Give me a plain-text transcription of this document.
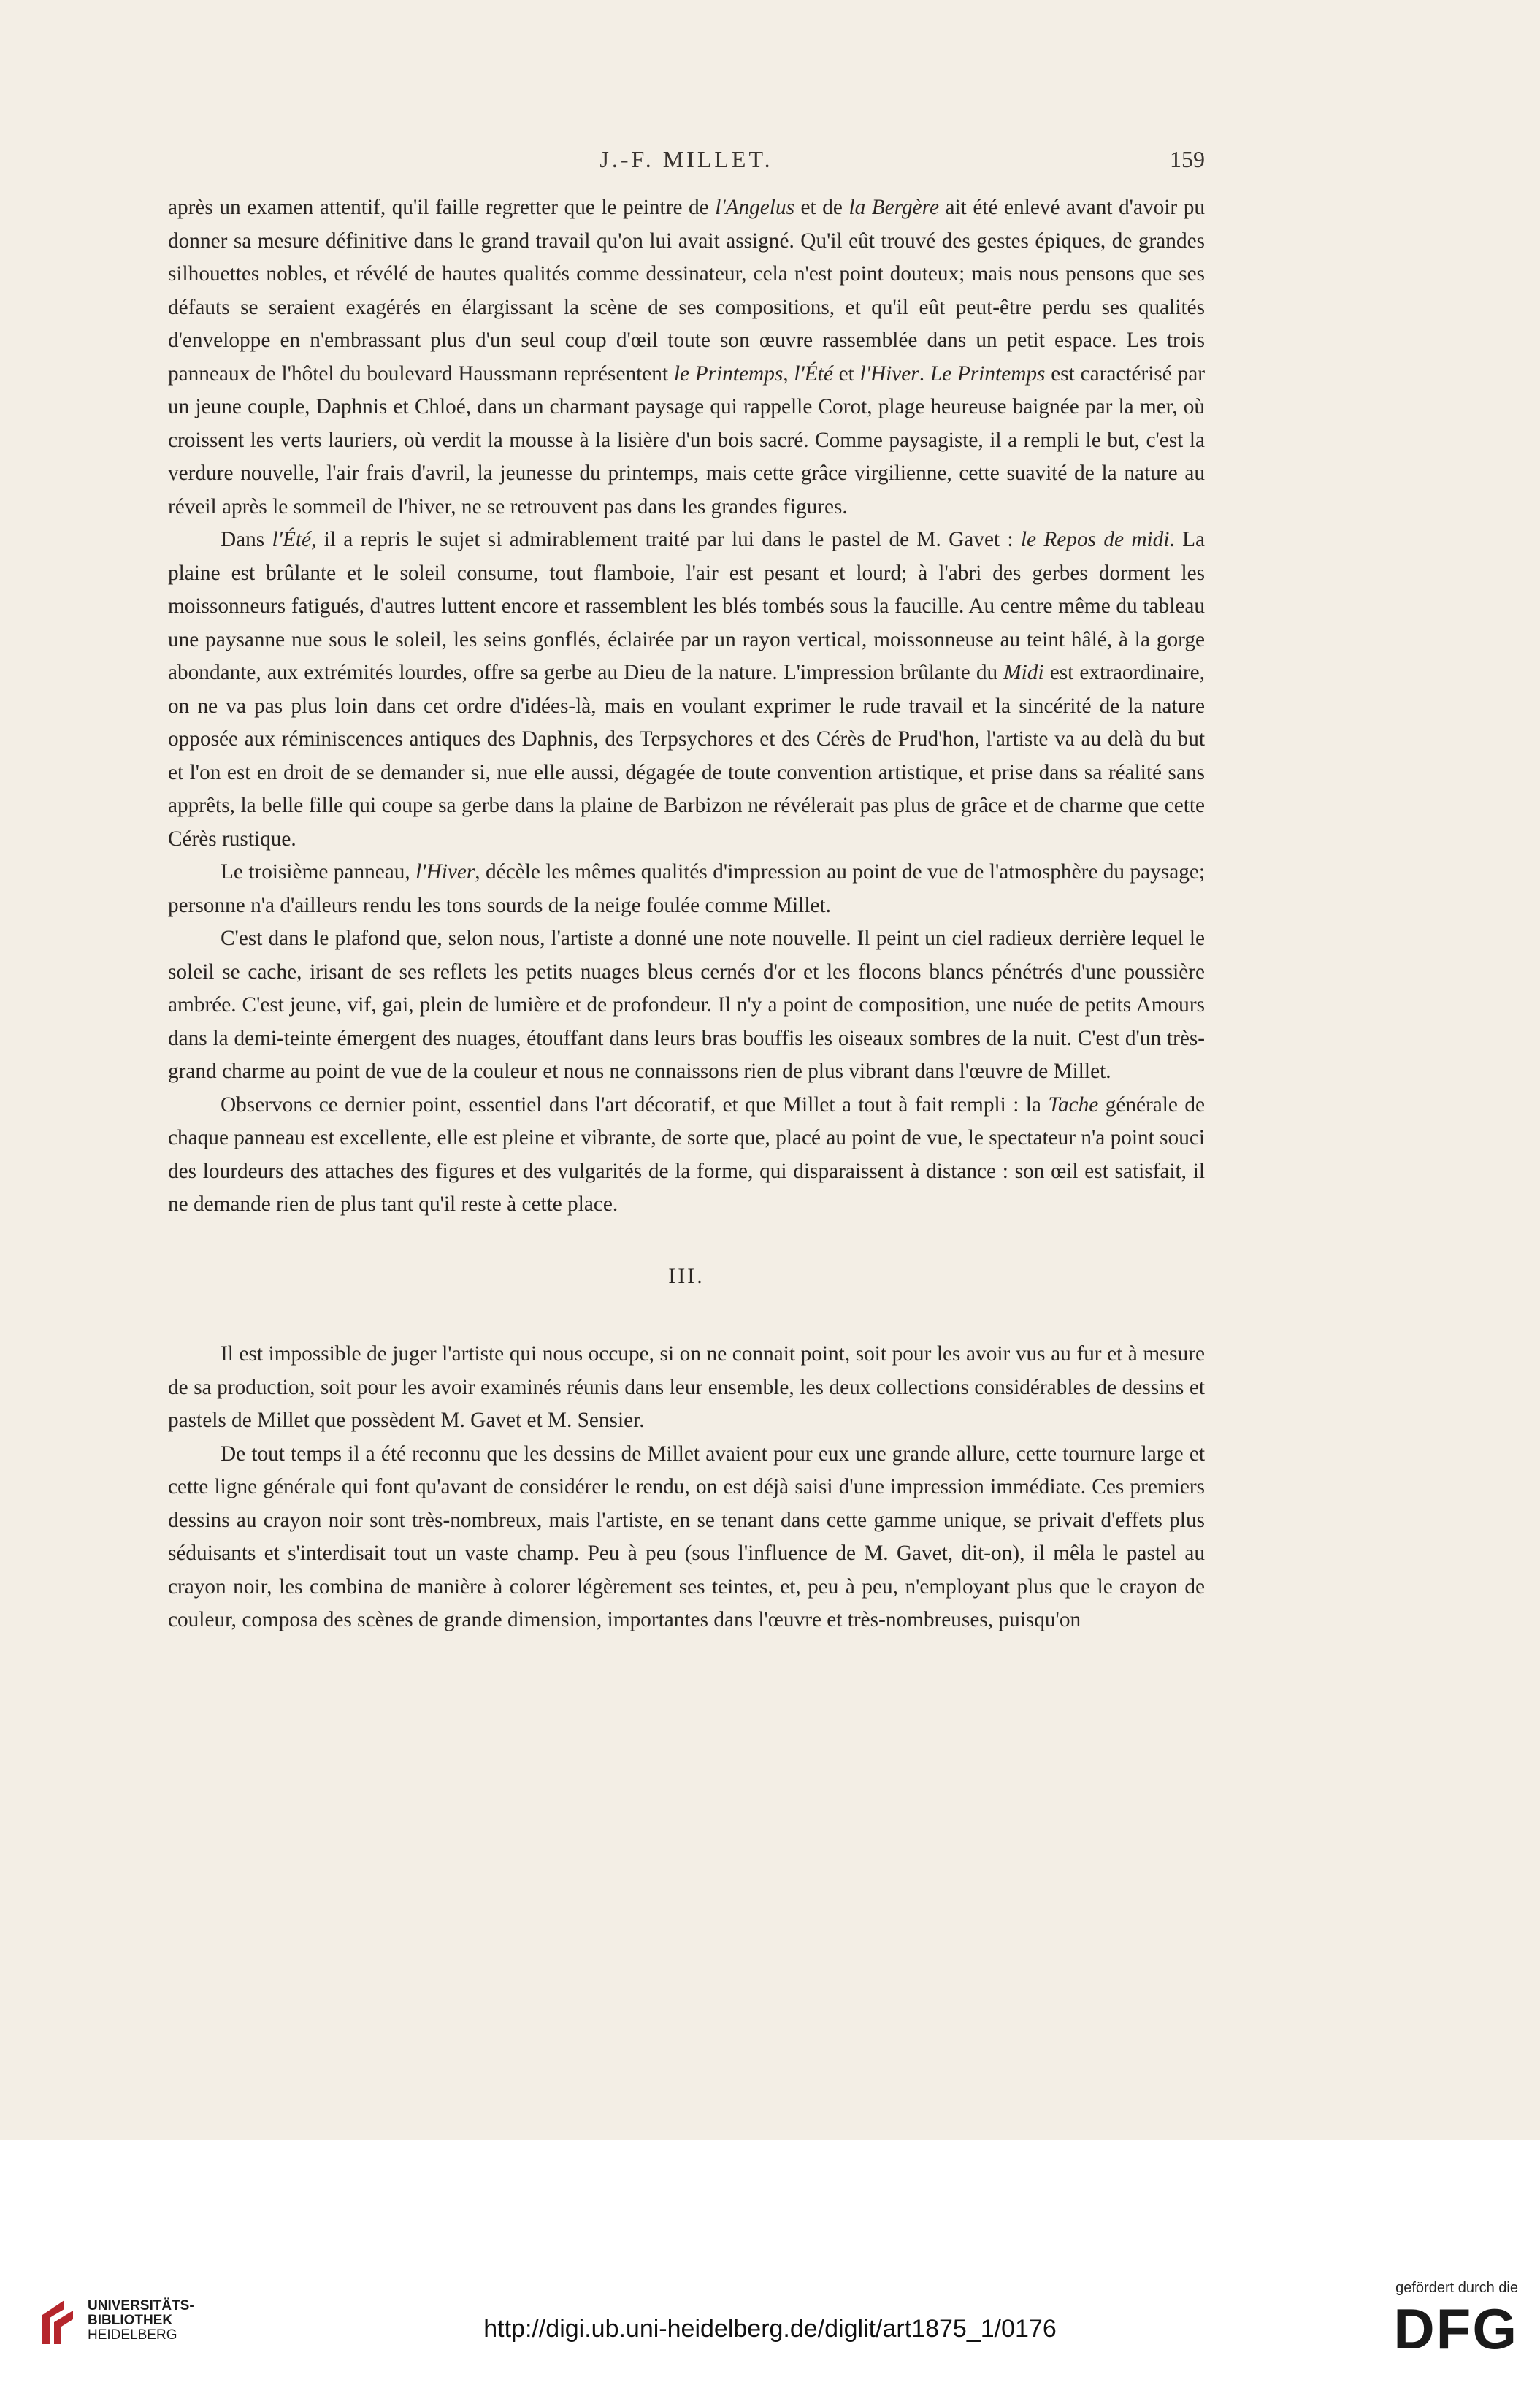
J.-F. MILLET.	159

après un examen attentif, qu'il faille regretter que le peintre de l'Angelus et de la Bergère ait été enlevé avant d'avoir pu donner sa mesure définitive dans le grand travail qu'on lui avait assigné. Qu'il eût trouvé des gestes épiques, de grandes silhouettes nobles, et révélé de hautes qualités comme dessinateur, cela n'est point douteux; mais nous pensons que ses défauts se seraient exagérés en élargissant la scène de ses compositions, et qu'il eût peut-être perdu ses qualités d'enveloppe en n'embrassant plus d'un seul coup d'œil toute son œuvre rassemblée dans un petit espace. Les trois panneaux de l'hôtel du boulevard Haussmann représentent le Printemps, l'Été et l'Hiver. Le Printemps est caractérisé par un jeune couple, Daphnis et Chloé, dans un charmant paysage qui rappelle Corot, plage heureuse baignée par la mer, où croissent les verts lauriers, où verdit la mousse à la lisière d'un bois sacré. Comme paysagiste, il a rempli le but, c'est la verdure nouvelle, l'air frais d'avril, la jeunesse du printemps, mais cette grâce virgilienne, cette suavité de la nature au réveil après le sommeil de l'hiver, ne se retrouvent pas dans les grandes figures.

Dans l'Été, il a repris le sujet si admirablement traité par lui dans le pastel de M. Gavet : le Repos de midi. La plaine est brûlante et le soleil consume, tout flamboie, l'air est pesant et lourd; à l'abri des gerbes dorment les moissonneurs fatigués, d'autres luttent encore et rassemblent les blés tombés sous la faucille. Au centre même du tableau une paysanne nue sous le soleil, les seins gonflés, éclairée par un rayon vertical, moissonneuse au teint hâlé, à la gorge abondante, aux extrémités lourdes, offre sa gerbe au Dieu de la nature. L'impression brûlante du Midi est extraordinaire, on ne va pas plus loin dans cet ordre d'idées-là, mais en voulant exprimer le rude travail et la sincérité de la nature opposée aux réminiscences antiques des Daphnis, des Terpsychores et des Cérès de Prud'hon, l'artiste va au delà du but et l'on est en droit de se demander si, nue elle aussi, dégagée de toute convention artistique, et prise dans sa réalité sans apprêts, la belle fille qui coupe sa gerbe dans la plaine de Barbizon ne révélerait pas plus de grâce et de charme que cette Cérès rustique.

Le troisième panneau, l'Hiver, décèle les mêmes qualités d'impression au point de vue de l'atmosphère du paysage; personne n'a d'ailleurs rendu les tons sourds de la neige foulée comme Millet.

C'est dans le plafond que, selon nous, l'artiste a donné une note nouvelle. Il peint un ciel radieux derrière lequel le soleil se cache, irisant de ses reflets les petits nuages bleus cernés d'or et les flocons blancs pénétrés d'une poussière ambrée. C'est jeune, vif, gai, plein de lumière et de profondeur. Il n'y a point de composition, une nuée de petits Amours dans la demi-teinte émergent des nuages, étouffant dans leurs bras bouffis les oiseaux sombres de la nuit. C'est d'un très-grand charme au point de vue de la couleur et nous ne connaissons rien de plus vibrant dans l'œuvre de Millet.

Observons ce dernier point, essentiel dans l'art décoratif, et que Millet a tout à fait rempli : la Tache générale de chaque panneau est excellente, elle est pleine et vibrante, de sorte que, placé au point de vue, le spectateur n'a point souci des lourdeurs des attaches des figures et des vulgarités de la forme, qui disparaissent à distance : son œil est satisfait, il ne demande rien de plus tant qu'il reste à cette place.

III.

Il est impossible de juger l'artiste qui nous occupe, si on ne connait point, soit pour les avoir vus au fur et à mesure de sa production, soit pour les avoir examinés réunis dans leur ensemble, les deux collections considérables de dessins et pastels de Millet que possèdent M. Gavet et M. Sensier.

De tout temps il a été reconnu que les dessins de Millet avaient pour eux une grande allure, cette tournure large et cette ligne générale qui font qu'avant de considérer le rendu, on est déjà saisi d'une impression immédiate. Ces premiers dessins au crayon noir sont très-nombreux, mais l'artiste, en se tenant dans cette gamme unique, se privait d'effets plus séduisants et s'interdisait tout un vaste champ. Peu à peu (sous l'influence de M. Gavet, dit-on), il mêla le pastel au crayon noir, les combina de manière à colorer légèrement ses teintes, et, peu à peu, n'employant plus que le crayon de couleur, composa des scènes de grande dimension, importantes dans l'œuvre et très-nombreuses, puisqu'on

UNIVERSITÄTS-
BIBLIOTHEK
HEIDELBERG	http://digi.ub.uni-heidelberg.de/diglit/art1875_1/0176
gefördert durch die
DFG
